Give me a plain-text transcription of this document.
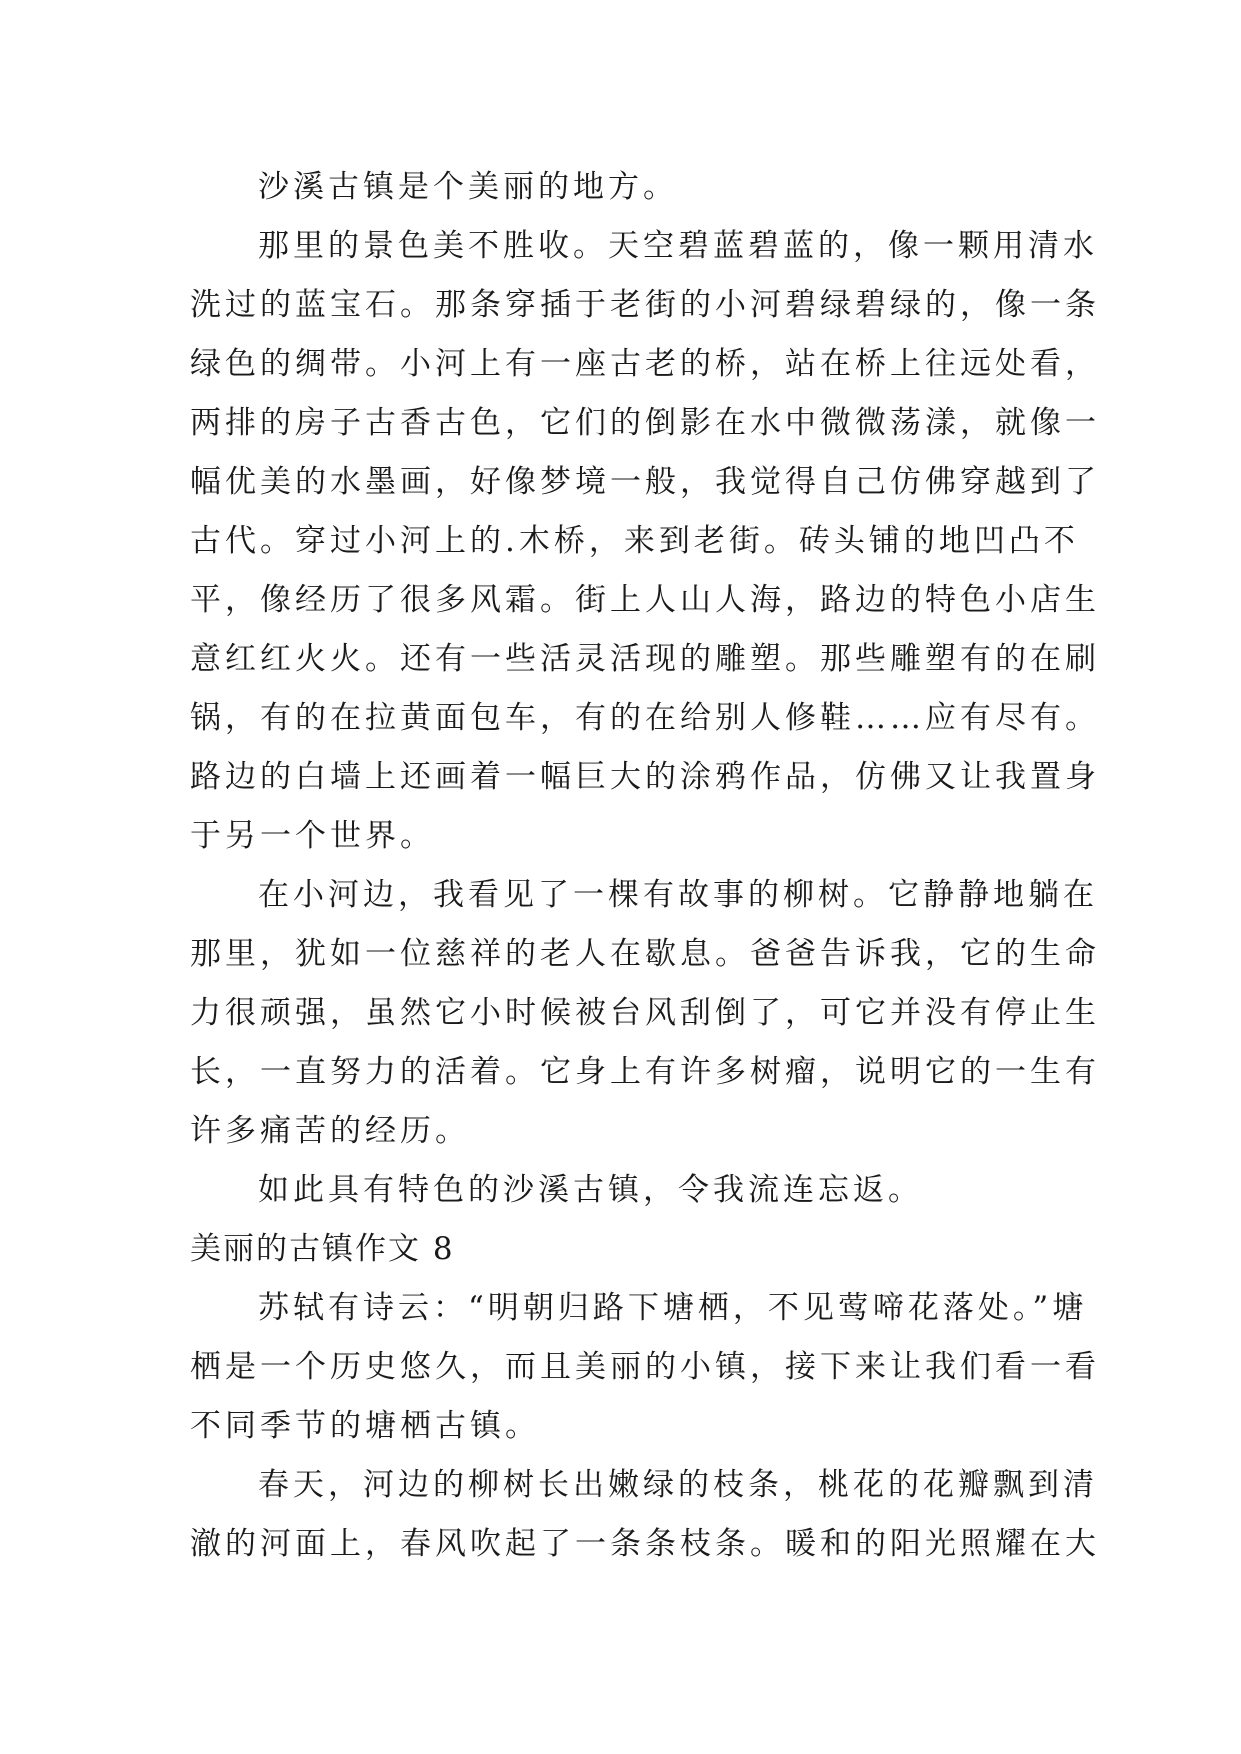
沙溪古镇是个美丽的地方。
那里的景色美不胜收。天空碧蓝碧蓝的，像一颗用清水
洗过的蓝宝石。那条穿插于老街的小河碧绿碧绿的，像一条
绿色的绸带。小河上有一座古老的桥，站在桥上往远处看，
两排的房子古香古色，它们的倒影在水中微微荡漾，就像一
幅优美的水墨画，好像梦境一般，我觉得自己仿佛穿越到了
古代。穿过小河上的.木桥，来到老街。砖头铺的地凹凸不
平，像经历了很多风霜。街上人山人海，路边的特色小店生
意红红火火。还有一些活灵活现的雕塑。那些雕塑有的在刷
锅，有的在拉黄面包车，有的在给别人修鞋……应有尽有。
路边的白墙上还画着一幅巨大的涂鸦作品，仿佛又让我置身
于另一个世界。
在小河边，我看见了一棵有故事的柳树。它静静地躺在
那里，犹如一位慈祥的老人在歇息。爸爸告诉我，它的生命
力很顽强，虽然它小时候被台风刮倒了，可它并没有停止生
长，一直努力的活着。它身上有许多树瘤，说明它的一生有
许多痛苦的经历。
如此具有特色的沙溪古镇，令我流连忘返。
美丽的古镇作文 8
苏轼有诗云：“明朝归路下塘栖，不见莺啼花落处。”塘
栖是一个历史悠久，而且美丽的小镇，接下来让我们看一看
不同季节的塘栖古镇。
春天，河边的柳树长出嫩绿的枝条，桃花的花瓣飘到清
澈的河面上，春风吹起了一条条枝条。暖和的阳光照耀在大
